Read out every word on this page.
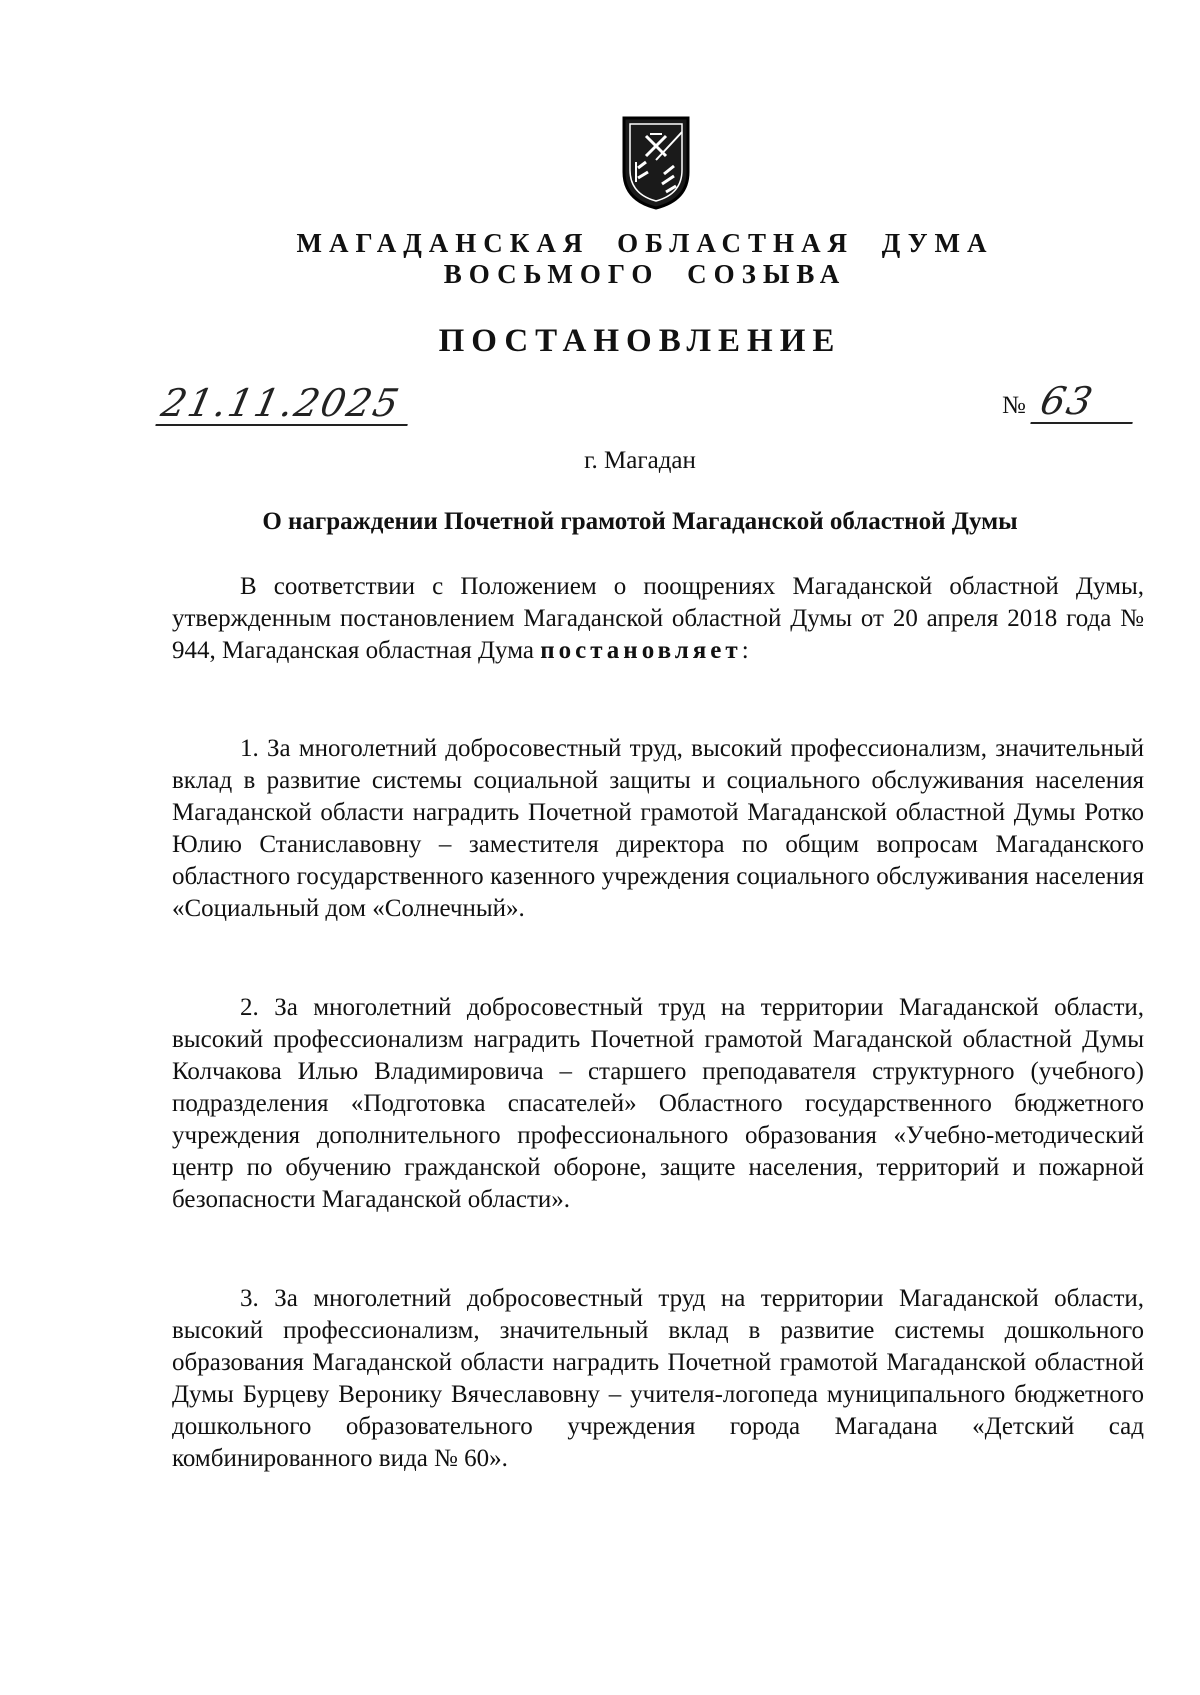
МАГАДАНСКАЯ ОБЛАСТНАЯ ДУМА
ВОСЬМОГО СОЗЫВА
ПОСТАНОВЛЕНИЕ
21.11.2025	№ 63
г. Магадан
О награждении Почетной грамотой Магаданской областной Думы

В соответствии с Положением о поощрениях Магаданской областной Думы, утвержденным постановлением Магаданской областной Думы от 20 апреля 2018 года № 944, Магаданская областная Дума постановляет:

1. За многолетний добросовестный труд, высокий профессионализм, значительный вклад в развитие системы социальной защиты и социального обслуживания населения Магаданской области наградить Почетной грамотой Магаданской областной Думы Ротко Юлию Станиславовну – заместителя директора по общим вопросам Магаданского областного государственного казенного учреждения социального обслуживания населения «Социальный дом «Солнечный».

2. За многолетний добросовестный труд на территории Магаданской области, высокий профессионализм наградить Почетной грамотой Магаданской областной Думы Колчакова Илью Владимировича – старшего преподавателя структурного (учебного) подразделения «Подготовка спасателей» Областного государственного бюджетного учреждения дополнительного профессионального образования «Учебно-методический центр по обучению гражданской обороне, защите населения, территорий и пожарной безопасности Магаданской области».

3. За многолетний добросовестный труд на территории Магаданской области, высокий профессионализм, значительный вклад в развитие системы дошкольного образования Магаданской области наградить Почетной грамотой Магаданской областной Думы Бурцеву Веронику Вячеславовну – учителя-логопеда муниципального бюджетного дошкольного образовательного учреждения города Магадана «Детский сад комбинированного вида № 60».
